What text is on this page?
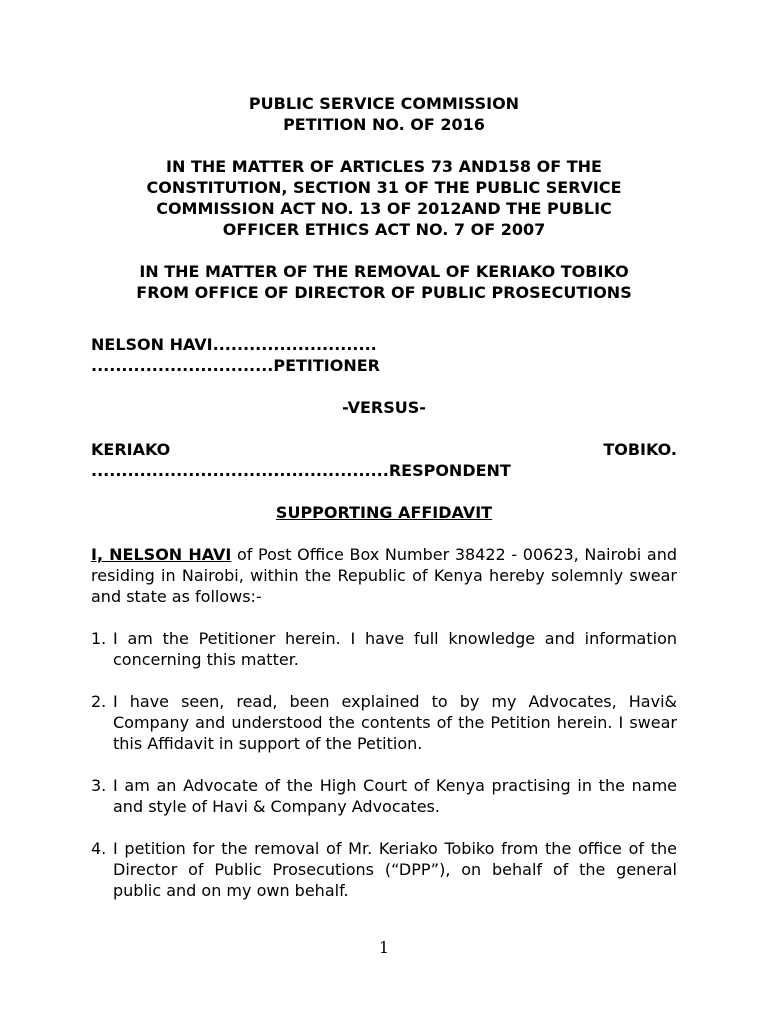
PUBLIC SERVICE COMMISSION
PETITION NO. OF 2016
IN THE MATTER OF ARTICLES 73 AND158 OF THE
CONSTITUTION, SECTION 31 OF THE PUBLIC SERVICE
COMMISSION ACT NO. 13 OF 2012AND THE PUBLIC
OFFICER ETHICS ACT NO. 7 OF 2007
IN THE MATTER OF THE REMOVAL OF KERIAKO TOBIKO
FROM OFFICE OF DIRECTOR OF PUBLIC PROSECUTIONS
NELSON HAVI...........................
..............................PETITIONER
-VERSUS-
KERIAKO	TOBIKO.
.................................................RESPONDENT
SUPPORTING AFFIDAVIT
I, NELSON HAVI of Post Office Box Number 38422 - 00623, Nairobi and residing in Nairobi, within the Republic of Kenya hereby solemnly swear and state as follows:-
1. I am the Petitioner herein. I have full knowledge and information concerning this matter.
2. I have seen, read, been explained to by my Advocates, Havi& Company and understood the contents of the Petition herein. I swear this Affidavit in support of the Petition.
3. I am an Advocate of the High Court of Kenya practising in the name and style of Havi & Company Advocates.
4. I petition for the removal of Mr. Keriako Tobiko from the office of the Director of Public Prosecutions (“DPP”), on behalf of the general public and on my own behalf.
1
